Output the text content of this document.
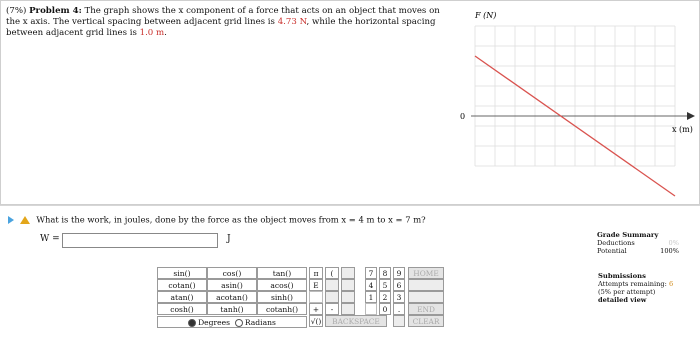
(7%) Problem 4: The graph shows the x component of a force that acts on an object that moves on the x axis. The vertical spacing between adjacent grid lines is 4.73 N, while the horizontal spacing between adjacent grid lines is 1.0 m.
F (N)
x (m)
0
What is the work, in joules, done by the force as the object moves from x = 4 m to x = 7 m?
W =	J
sin()	cos()	tan()
cotan()	asin()	acos()
atan()	acotan()	sinh()
cosh()	tanh()	cotanh()
Degrees Radians
π	(
E
+	-
√()	BACKSPACE
7	8	9
4	5	6
1	2	3
0	.
HOME
END
CLEAR
Grade Summary
Deductions	0%
Potential	100%
Submissions
Attempts remaining: 6
(5% per attempt)
detailed view
